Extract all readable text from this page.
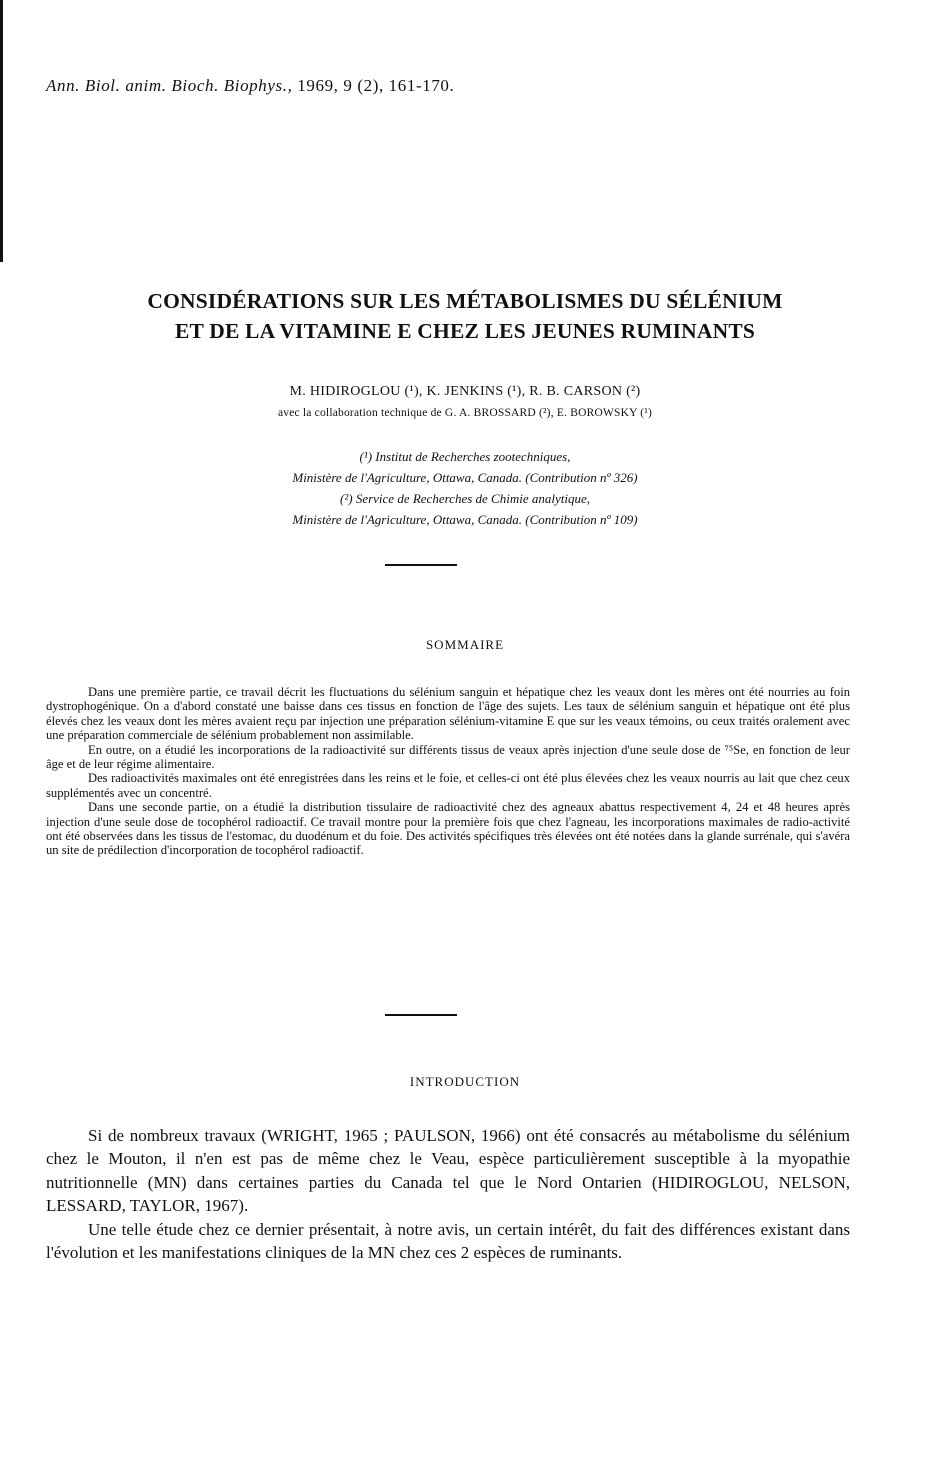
Ann. Biol. anim. Bioch. Biophys., 1969, 9 (2), 161-170.
CONSIDÉRATIONS SUR LES MÉTABOLISMES DU SÉLÉNIUM
ET DE LA VITAMINE E CHEZ LES JEUNES RUMINANTS
M. HIDIROGLOU (¹), K. JENKINS (¹), R. B. CARSON (²)
avec la collaboration technique de G. A. BROSSARD (²), E. BOROWSKY (¹)
(¹) Institut de Recherches zootechniques,
Ministère de l'Agriculture, Ottawa, Canada. (Contribution nº 326)
(²) Service de Recherches de Chimie analytique,
Ministère de l'Agriculture, Ottawa, Canada. (Contribution nº 109)
SOMMAIRE

Dans une première partie, ce travail décrit les fluctuations du sélénium sanguin et hépatique chez les veaux dont les mères ont été nourries au foin dystrophogénique. On a d'abord constaté une baisse dans ces tissus en fonction de l'âge des sujets. Les taux de sélénium sanguin et hépatique ont été plus élevés chez les veaux dont les mères avaient reçu par injection une préparation sélénium-vitamine E que sur les veaux témoins, ou ceux traités oralement avec une préparation commerciale de sélénium probablement non assimilable.

En outre, on a étudié les incorporations de la radioactivité sur différents tissus de veaux après injection d'une seule dose de ⁷⁵Se, en fonction de leur âge et de leur régime alimentaire.

Des radioactivités maximales ont été enregistrées dans les reins et le foie, et celles-ci ont été plus élevées chez les veaux nourris au lait que chez ceux supplémentés avec un concentré.

Dans une seconde partie, on a étudié la distribution tissulaire de radioactivité chez des agneaux abattus respectivement 4, 24 et 48 heures après injection d'une seule dose de tocophérol radioactif. Ce travail montre pour la première fois que chez l'agneau, les incorporations maximales de radio-activité ont été observées dans les tissus de l'estomac, du duodénum et du foie. Des activités spécifiques très élevées ont été notées dans la glande surrénale, qui s'avéra un site de prédilection d'incorporation de tocophérol radioactif.

INTRODUCTION

Si de nombreux travaux (WRIGHT, 1965 ; PAULSON, 1966) ont été consacrés au métabolisme du sélénium chez le Mouton, il n'en est pas de même chez le Veau, espèce particulièrement susceptible à la myopathie nutritionnelle (MN) dans certaines parties du Canada tel que le Nord Ontarien (HIDIROGLOU, NELSON, LESSARD, TAYLOR, 1967).

Une telle étude chez ce dernier présentait, à notre avis, un certain intérêt, du fait des différences existant dans l'évolution et les manifestations cliniques de la MN chez ces 2 espèces de ruminants.
